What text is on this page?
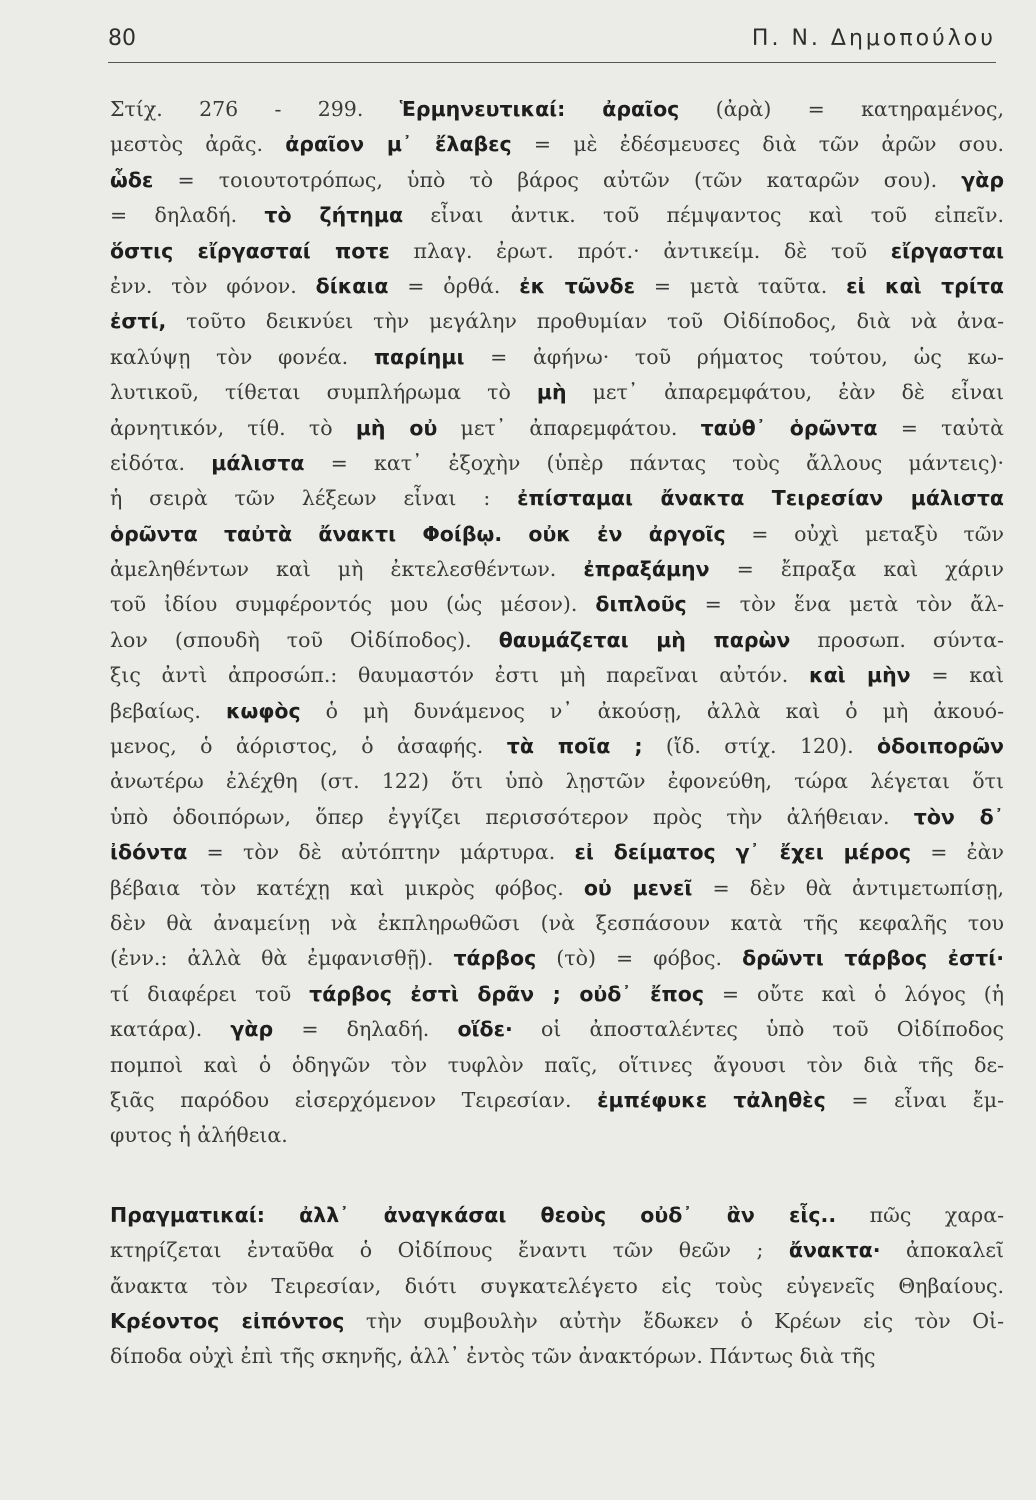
80	Π. Ν. Δημοπούλου
Στίχ. 276 - 299. Ἑρμηνευτικαί: ἀραῖος (ἀρὰ) = κατηραμένος,
μεστὸς ἀρᾶς. ἀραῖον μ᾽ ἔλαβες = μὲ ἐδέσμευσες διὰ τῶν ἀρῶν σου.
ὧδε = τοιουτοτρόπως, ὑπὸ τὸ βάρος αὐτῶν (τῶν καταρῶν σου). γὰρ
= δηλαδή. τὸ ζήτημα εἶναι ἀντικ. τοῦ πέμψαντος καὶ τοῦ εἰπεῖν.
ὅστις εἴργασταί ποτε πλαγ. ἐρωτ. πρότ.· ἀντικείμ. δὲ τοῦ εἴργασται
ἐνν. τὸν φόνον. δίκαια = ὀρθά. ἐκ τῶνδε = μετὰ ταῦτα. εἰ καὶ τρίτα
ἐστί, τοῦτο δεικνύει τὴν μεγάλην προθυμίαν τοῦ Οἰδίποδος, διὰ νὰ ἀνα-
καλύψῃ τὸν φονέα. παρίημι = ἀφήνω· τοῦ ρήματος τούτου, ὡς κω-
λυτικοῦ, τίθεται συμπλήρωμα τὸ μὴ μετ᾽ ἀπαρεμφάτου, ἐὰν δὲ εἶναι
ἀρνητικόν, τίθ. τὸ μὴ οὐ μετ᾽ ἀπαρεμφάτου. ταὐθ᾽ ὁρῶντα = ταὐτὰ
εἰδότα. μάλιστα = κατ᾽ ἐξοχὴν (ὑπὲρ πάντας τοὺς ἄλλους μάντεις)·
ἡ σειρὰ τῶν λέξεων εἶναι : ἐπίσταμαι ἄνακτα Τειρεσίαν μάλιστα
ὁρῶντα ταὐτὰ ἄνακτι Φοίβῳ. οὐκ ἐν ἀργοῖς = οὐχὶ μεταξὺ τῶν
ἀμεληθέντων καὶ μὴ ἐκτελεσθέντων. ἐπραξάμην = ἔπραξα καὶ χάριν
τοῦ ἰδίου συμφέροντός μου (ὡς μέσον). διπλοῦς = τὸν ἕνα μετὰ τὸν ἄλ-
λον (σπουδὴ τοῦ Οἰδίποδος). θαυμάζεται μὴ παρὼν προσωπ. σύντα-
ξις ἀντὶ ἀπροσώπ.: θαυμαστόν ἐστι μὴ παρεῖναι αὐτόν. καὶ μὴν = καὶ
βεβαίως. κωφὸς ὁ μὴ δυνάμενος ν᾽ ἀκούσῃ, ἀλλὰ καὶ ὁ μὴ ἀκουό-
μενος, ὁ ἀόριστος, ὁ ἀσαφής. τὰ ποῖα ; (ἴδ. στίχ. 120). ὁδοιπορῶν
ἀνωτέρω ἐλέχθη (στ. 122) ὅτι ὑπὸ λῃστῶν ἐφονεύθη, τώρα λέγεται ὅτι
ὑπὸ ὁδοιπόρων, ὅπερ ἐγγίζει περισσότερον πρὸς τὴν ἀλήθειαν. τὸν δ᾽
ἰδόντα = τὸν δὲ αὐτόπτην μάρτυρα. εἰ δείματος γ᾽ ἔχει μέρος = ἐὰν
βέβαια τὸν κατέχῃ καὶ μικρὸς φόβος. οὐ μενεῖ = δὲν θὰ ἀντιμετωπίσῃ,
δὲν θὰ ἀναμείνῃ νὰ ἐκπληρωθῶσι (νὰ ξεσπάσουν κατὰ τῆς κεφαλῆς του
(ἐνν.: ἀλλὰ θὰ ἐμφανισθῇ). τάρβος (τὸ) = φόβος. δρῶντι τάρβος ἐστί·
τί διαφέρει τοῦ τάρβος ἐστὶ δρᾶν ; οὐδ᾽ ἔπος = οὔτε καὶ ὁ λόγος (ἡ
κατάρα). γὰρ = δηλαδή. οἵδε· οἱ ἀποσταλέντες ὑπὸ τοῦ Οἰδίποδος
πομποὶ καὶ ὁ ὁδηγῶν τὸν τυφλὸν παῖς, οἵτινες ἄγουσι τὸν διὰ τῆς δε-
ξιᾶς παρόδου εἰσερχόμενον Τειρεσίαν. ἐμπέφυκε τἀληθὲς = εἶναι ἔμ-
φυτος ἡ ἀλήθεια.
Πραγματικαί: ἀλλ᾽ ἀναγκάσαι θεοὺς οὐδ᾽ ἂν εἷς.. πῶς χαρα-
κτηρίζεται ἐνταῦθα ὁ Οἰδίπους ἔναντι τῶν θεῶν ; ἄνακτα· ἀποκαλεῖ
ἄνακτα τὸν Τειρεσίαν, διότι συγκατελέγετο εἰς τοὺς εὐγενεῖς Θηβαίους.
Κρέοντος εἰπόντος τὴν συμβουλὴν αὐτὴν ἔδωκεν ὁ Κρέων εἰς τὸν Οἰ-
δίποδα οὐχὶ ἐπὶ τῆς σκηνῆς, ἀλλ᾽ ἐντὸς τῶν ἀνακτόρων. Πάντως διὰ τῆς
